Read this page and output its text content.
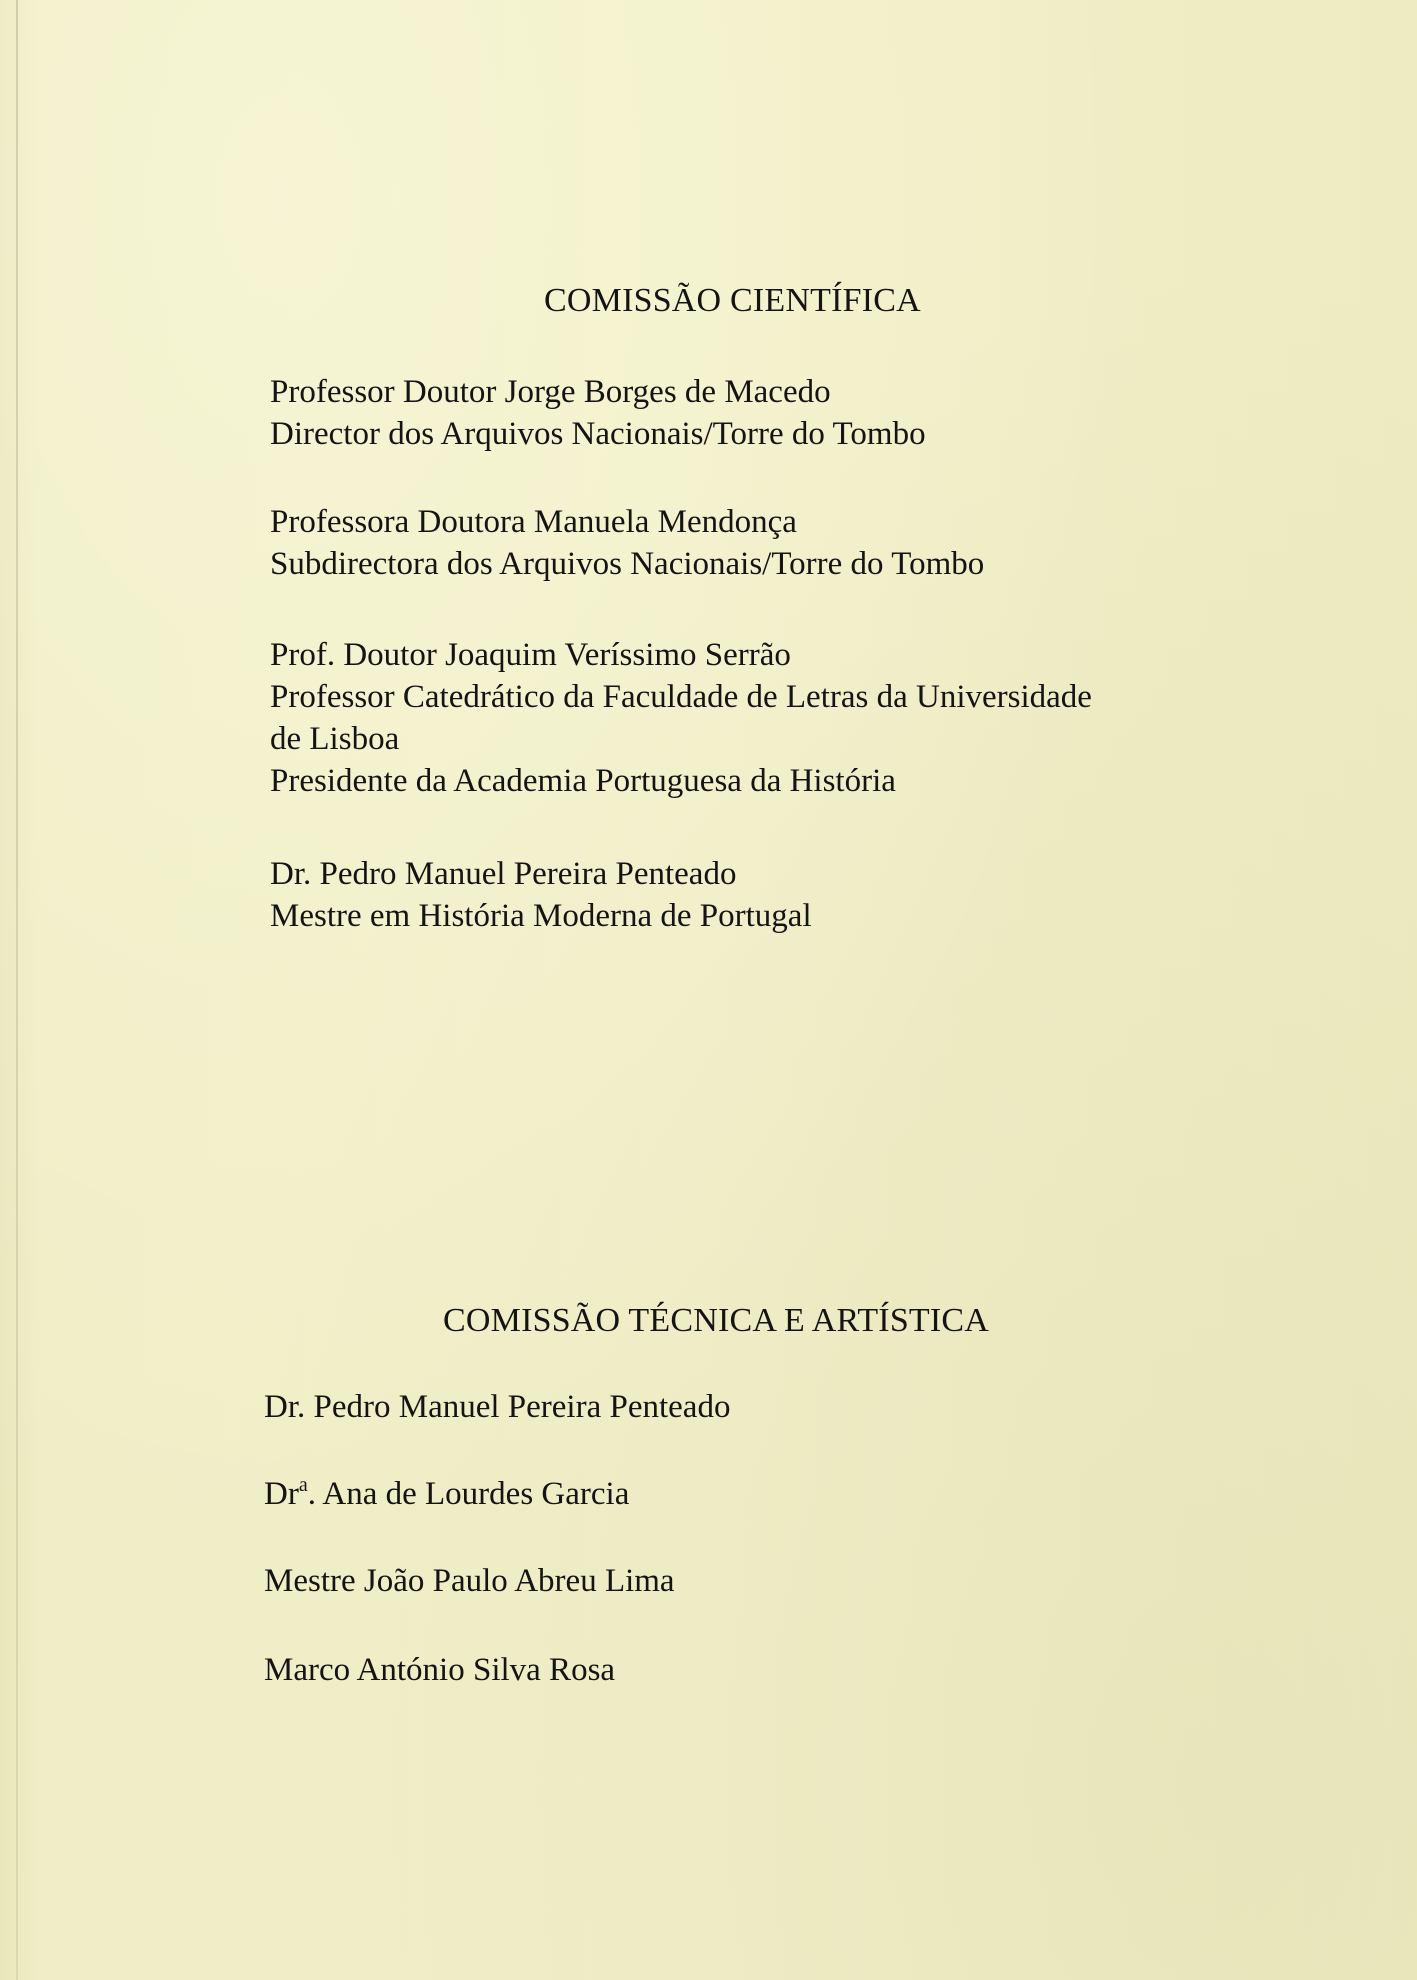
COMISSÃO CIENTÍFICA
Professor Doutor Jorge Borges de Macedo
Director dos Arquivos Nacionais/Torre do Tombo
Professora Doutora Manuela Mendonça
Subdirectora dos Arquivos Nacionais/Torre do Tombo
Prof. Doutor Joaquim Veríssimo Serrão
Professor Catedrático da Faculdade de Letras da Universidade
de Lisboa
Presidente da Academia Portuguesa da História
Dr. Pedro Manuel Pereira Penteado
Mestre em História Moderna de Portugal
COMISSÃO TÉCNICA E ARTÍSTICA
Dr. Pedro Manuel Pereira Penteado
Dr$^a$. Ana de Lourdes Garcia
Mestre João Paulo Abreu Lima
Marco António Silva Rosa
